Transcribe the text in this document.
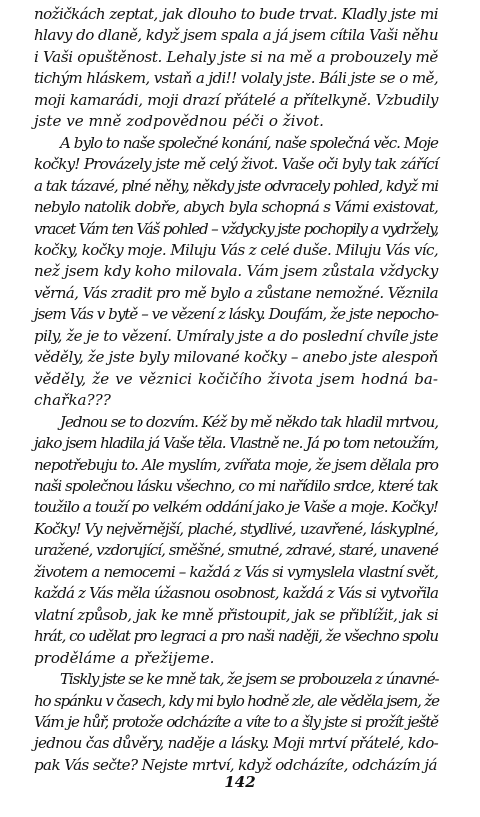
nožičkách zeptat, jak dlouho to bude trvat. Kladly jste mi
hlavy do dlaně, když jsem spala a já jsem cítila Vaši něhu
i Vaši opuštěnost. Lehaly jste si na mě a probouzely mě
tichým hláskem, vstaň a jdi!! volaly jste. Báli jste se o mě,
moji kamarádi, moji drazí přátelé a přítelkyně. Vzbudily
jste ve mně zodpovědnou péči o život.
A bylo to naše společné konání, naše společná věc. Moje
kočky! Provázely jste mě celý život. Vaše oči byly tak zářící
a tak tázavé, plné něhy, někdy jste odvracely pohled, když mi
nebylo natolik dobře, abych byla schopná s Vámi existovat,
vracet Vám ten Váš pohled – vždycky jste pochopily a vydržely,
kočky, kočky moje. Miluju Vás z celé duše. Miluju Vás víc,
než jsem kdy koho milovala. Vám jsem zůstala vždycky
věrná, Vás zradit pro mě bylo a zůstane nemožné. Věznila
jsem Vás v bytě – ve vězení z lásky. Doufám, že jste nepocho-
pily, že je to vězení. Umíraly jste a do poslední chvíle jste
věděly, že jste byly milované kočky – anebo jste alespoň
věděly, že ve věznici kočičího života jsem hodná ba-
chařka???
Jednou se to dozvím. Kéž by mě někdo tak hladil mrtvou,
jako jsem hladila já Vaše těla. Vlastně ne. Já po tom netoužím,
nepotřebuju to. Ale myslím, zvířata moje, že jsem dělala pro
naši společnou lásku všechno, co mi nařídilo srdce, které tak
toužilo a touží po velkém oddání jako je Vaše a moje. Kočky!
Kočky! Vy nejvěrnější, plaché, stydlivé, uzavřené, láskyplné,
uražené, vzdorující, směšné, smutné, zdravé, staré, unavené
životem a nemocemi – každá z Vás si vymyslela vlastní svět,
každá z Vás měla úžasnou osobnost, každá z Vás si vytvořila
vlatní způsob, jak ke mně přistoupit, jak se přiblížit, jak si
hrát, co udělat pro legraci a pro naši naději, že všechno spolu
proděláme a přežijeme.
Tiskly jste se ke mně tak, že jsem se probouzela z únavné-
ho spánku v časech, kdy mi bylo hodně zle, ale věděla jsem, že
Vám je hůř, protože odcházíte a víte to a šly jste si prožít ještě
jednou čas důvěry, naděje a lásky. Moji mrtví přátelé, kdo-
pak Vás sečte? Nejste mrtví, když odcházíte, odcházím já
142
